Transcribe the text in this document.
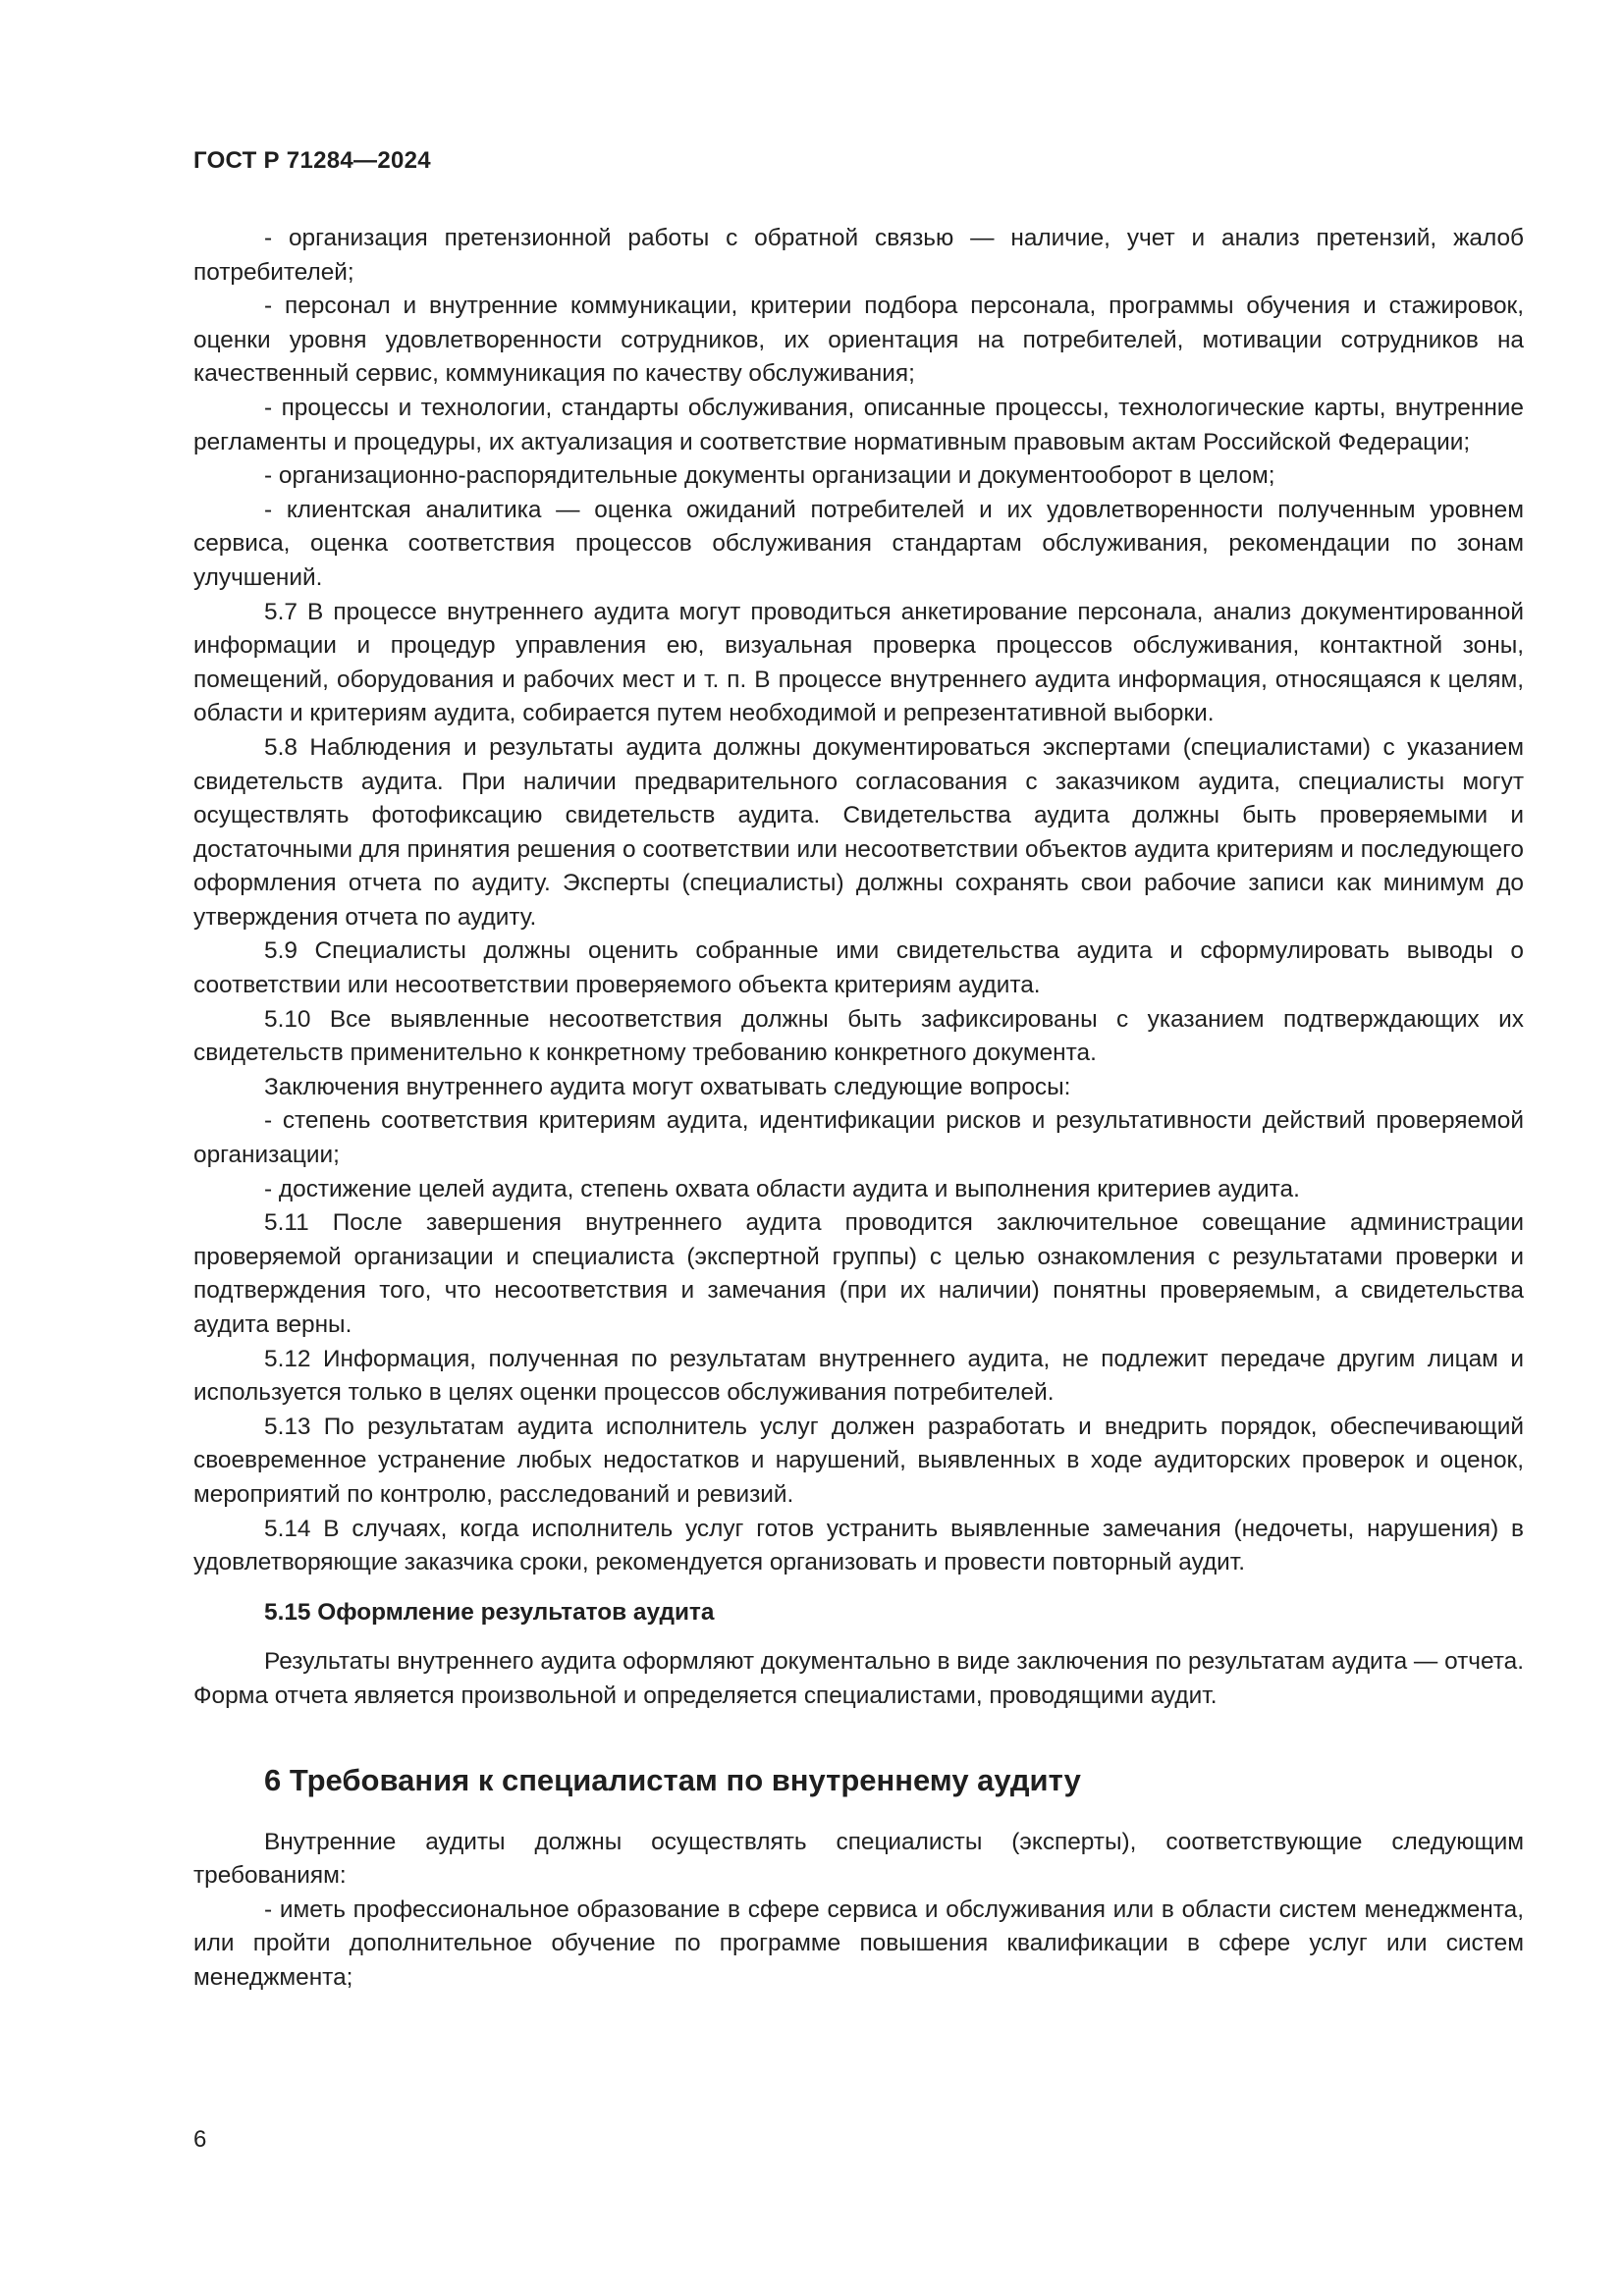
ГОСТ Р 71284—2024

- организация претензионной работы с обратной связью — наличие, учет и анализ претензий, жалоб потребителей;

- персонал и внутренние коммуникации, критерии подбора персонала, программы обучения и стажировок, оценки уровня удовлетворенности сотрудников, их ориентация на потребителей, мотивации сотрудников на качественный сервис, коммуникация по качеству обслуживания;

- процессы и технологии, стандарты обслуживания, описанные процессы, технологические карты, внутренние регламенты и процедуры, их актуализация и соответствие нормативным правовым актам Российской Федерации;

- организационно-распорядительные документы организации и документооборот в целом;

- клиентская аналитика — оценка ожиданий потребителей и их удовлетворенности полученным уровнем сервиса, оценка соответствия процессов обслуживания стандартам обслуживания, рекомендации по зонам улучшений.

5.7 В процессе внутреннего аудита могут проводиться анкетирование персонала, анализ документированной информации и процедур управления ею, визуальная проверка процессов обслуживания, контактной зоны, помещений, оборудования и рабочих мест и т. п. В процессе внутреннего аудита информация, относящаяся к целям, области и критериям аудита, собирается путем необходимой и репрезентативной выборки.

5.8 Наблюдения и результаты аудита должны документироваться экспертами (специалистами) с указанием свидетельств аудита. При наличии предварительного согласования с заказчиком аудита, специалисты могут осуществлять фотофиксацию свидетельств аудита. Свидетельства аудита должны быть проверяемыми и достаточными для принятия решения о соответствии или несоответствии объектов аудита критериям и последующего оформления отчета по аудиту. Эксперты (специалисты) должны сохранять свои рабочие записи как минимум до утверждения отчета по аудиту.

5.9 Специалисты должны оценить собранные ими свидетельства аудита и сформулировать выводы о соответствии или несоответствии проверяемого объекта критериям аудита.

5.10 Все выявленные несоответствия должны быть зафиксированы с указанием подтверждающих их свидетельств применительно к конкретному требованию конкретного документа.

Заключения внутреннего аудита могут охватывать следующие вопросы:

- степень соответствия критериям аудита, идентификации рисков и результативности действий проверяемой организации;

- достижение целей аудита, степень охвата области аудита и выполнения критериев аудита.

5.11 После завершения внутреннего аудита проводится заключительное совещание администрации проверяемой организации и специалиста (экспертной группы) с целью ознакомления с результатами проверки и подтверждения того, что несоответствия и замечания (при их наличии) понятны проверяемым, а свидетельства аудита верны.

5.12 Информация, полученная по результатам внутреннего аудита, не подлежит передаче другим лицам и используется только в целях оценки процессов обслуживания потребителей.

5.13 По результатам аудита исполнитель услуг должен разработать и внедрить порядок, обеспечивающий своевременное устранение любых недостатков и нарушений, выявленных в ходе аудиторских проверок и оценок, мероприятий по контролю, расследований и ревизий.

5.14 В случаях, когда исполнитель услуг готов устранить выявленные замечания (недочеты, нарушения) в удовлетворяющие заказчика сроки, рекомендуется организовать и провести повторный аудит.

5.15 Оформление результатов аудита

Результаты внутреннего аудита оформляют документально в виде заключения по результатам аудита — отчета. Форма отчета является произвольной и определяется специалистами, проводящими аудит.

6 Требования к специалистам по внутреннему аудиту

Внутренние аудиты должны осуществлять специалисты (эксперты), соответствующие следующим требованиям:

- иметь профессиональное образование в сфере сервиса и обслуживания или в области систем менеджмента, или пройти дополнительное обучение по программе повышения квалификации в сфере услуг или систем менеджмента;

6
